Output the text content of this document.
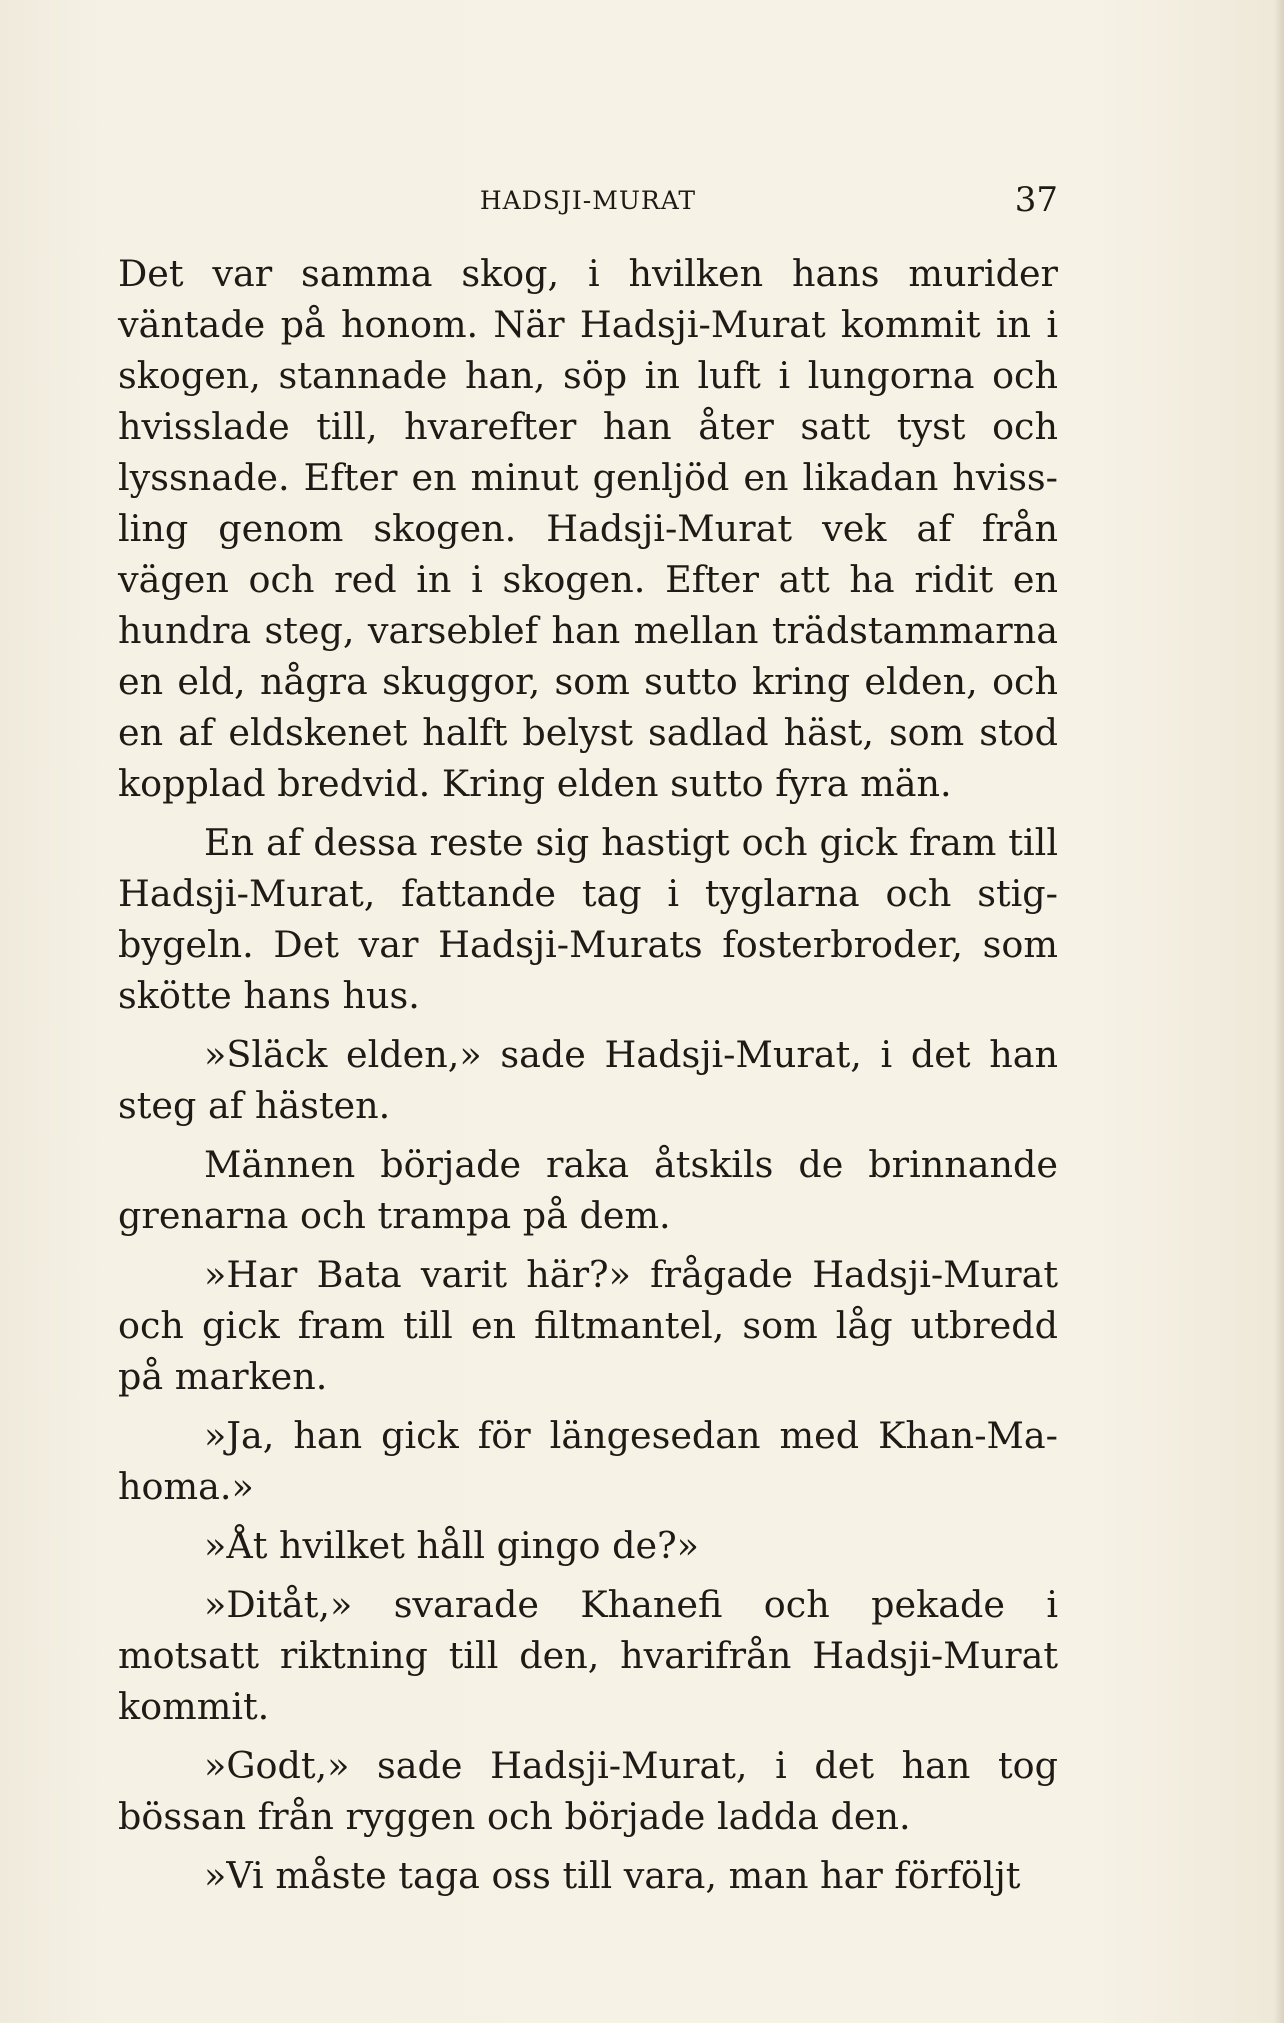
HADSJI-MURAT	37

Det var samma skog, i hvilken hans murider väntade på honom. När Hadsji-Murat kommit in i skogen, stannade han, söp in luft i lungorna och hvisslade till, hvarefter han åter satt tyst och lyssnade. Efter en minut genljöd en likadan hviss-ling genom skogen. Hadsji-Murat vek af från vägen och red in i skogen. Efter att ha ridit en hundra steg, varseblef han mellan trädstammarna en eld, några skuggor, som sutto kring elden, och en af eldskenet halft belyst sadlad häst, som stod kopplad bredvid. Kring elden sutto fyra män.

En af dessa reste sig hastigt och gick fram till Hadsji-Murat, fattande tag i tyglarna och stig-bygeln. Det var Hadsji-Murats fosterbroder, som skötte hans hus.

»Släck elden,» sade Hadsji-Murat, i det han steg af hästen.

Männen började raka åtskils de brinnande grenarna och trampa på dem.

»Har Bata varit här?» frågade Hadsji-Murat och gick fram till en filtmantel, som låg utbredd på marken.

»Ja, han gick för längesedan med Khan-Ma-homa.»

»Åt hvilket håll gingo de?»

»Ditåt,» svarade Khanefi och pekade i motsatt riktning till den, hvarifrån Hadsji-Murat kommit.

»Godt,» sade Hadsji-Murat, i det han tog bössan från ryggen och började ladda den.

»Vi måste taga oss till vara, man har förföljt
